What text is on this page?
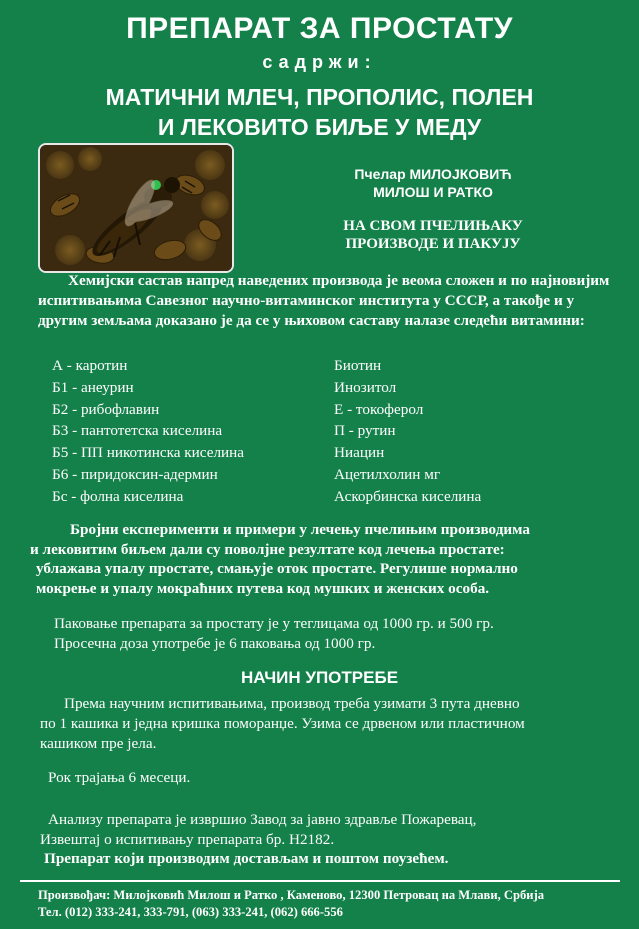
ПРЕПАРАТ ЗА ПРОСТАТУ
садржи:
МАТИЧНИ МЛЕЧ, ПРОПОЛИС, ПОЛЕН
И ЛЕКОВИТО БИЉЕ У МЕДУ
Пчелар МИЛОЈКОВИЋ
МИЛОШ И РАТКО
НА СВОМ ПЧЕЛИЊАКУ
ПРОИЗВОДЕ И ПАКУЈУ
Хемијски састав напред наведених производа је веома сложен и по најновијим испитивањима Савезног научно-витаминског института у СССР, а такође и у другим земљама доказано је да се у њиховом саставу налазе следећи витамини:
А - каротин
Б1 - анеурин
Б2 - рибофлавин
Б3 - пантотетска киселина
Б5 - ПП никотинска киселина
Б6 - пиридоксин-адермин
Бс - фолна киселина
Биотин
Инозитол
Е - токоферол
П - рутин
Ниацин
Ацетилхолин мг
Аскорбинска киселина
Бројни експерименти и примери у лечењу пчелињим производима
и лековитим биљем дали су поволјне резултате код лечења простате:
ублажава упалу простате, смањује оток простате. Регулише нормално
мокрење и упалу мокраћних путева код мушких и женских особа.
Паковање препарата за простату је у теглицама од 1000 гр. и 500 гр.
Просечна доза употребе је 6 паковања од 1000 гр.
НАЧИН УПОТРЕБЕ
Према научним испитивањима, производ треба узимати 3 пута дневно
по 1 кашика и једна кришка поморанџе. Узима се дрвеном или пластичном
кашиком пре јела.
Рок трајања 6 месеци.
Анализу препарата је извршио Завод за јавно здравље Пожаревац,
Извештај о испитивању препарата бр. Н2182.
Препарат који производим достављам и поштом поузећем.
Произвођач: Милојковић Милош и Ратко , Каменово, 12300 Петровац на Млави, Србија
Тел. (012) 333-241, 333-791, (063) 333-241, (062) 666-556
